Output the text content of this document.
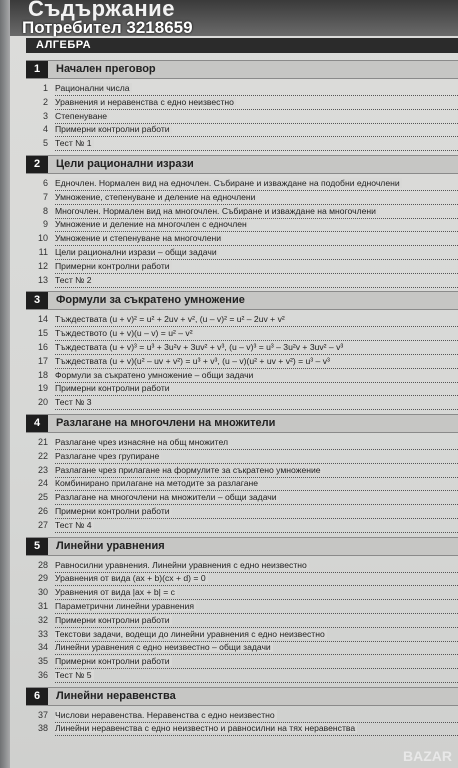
Съдържание
Потребител 3218659
АЛГЕБРА
1	Начален преговор
1 Рационални числа
2 Уравнения и неравенства с едно неизвестно
3 Степенуване
4 Примерни контролни работи
5 Тест № 1
2	Цели рационални изрази
6 Едночлен. Нормален вид на едночлен. Събиране и изваждане на подобни едночлени
7 Умножение, степенуване и деление на едночлени
8 Многочлен. Нормален вид на многочлен. Събиране и изваждане на многочлени
9 Умножение и деление на многочлен с едночлен
10 Умножение и степенуване на многочлени
11 Цели рационални изрази – общи задачи
12 Примерни контролни работи
13 Тест № 2
3	Формули за съкратено умножение
14 Тъждествата (u + v)² = u² + 2uv + v², (u – v)² = u² – 2uv + v²
15 Тъждеството (u + v)(u – v) = u² – v²
16 Тъждествата (u + v)³ = u³ + 3u²v + 3uv² + v³, (u – v)³ = u³ – 3u²v + 3uv² – v³
17 Тъждествата (u + v)(u² – uv + v²) = u³ + v³, (u – v)(u² + uv + v²) = u³ – v³
18 Формули за съкратено умножение – общи задачи
19 Примерни контролни работи
20 Тест № 3
4	Разлагане на многочлени на множители
21 Разлагане чрез изнасяне на общ множител
22 Разлагане чрез групиране
23 Разлагане чрез прилагане на формулите за съкратено умножение
24 Комбинирано прилагане на методите за разлагане
25 Разлагане на многочлени на множители – общи задачи
26 Примерни контролни работи
27 Тест № 4
5	Линейни уравнения
28 Равносилни уравнения. Линейни уравнения с едно неизвестно
29 Уравнения от вида (ax + b)(cx + d) = 0
30 Уравнения от вида |ax + b| = c
31 Параметрични линейни уравнения
32 Примерни контролни работи
33 Текстови задачи, водещи до линейни уравнения с едно неизвестно
34 Линейни уравнения с едно неизвестно – общи задачи
35 Примерни контролни работи
36 Тест № 5
6	Линейни неравенства
37 Числови неравенства. Неравенства с едно неизвестно
38 Линейни неравенства с едно неизвестно и равносилни на тях неравенства
BAZAR
